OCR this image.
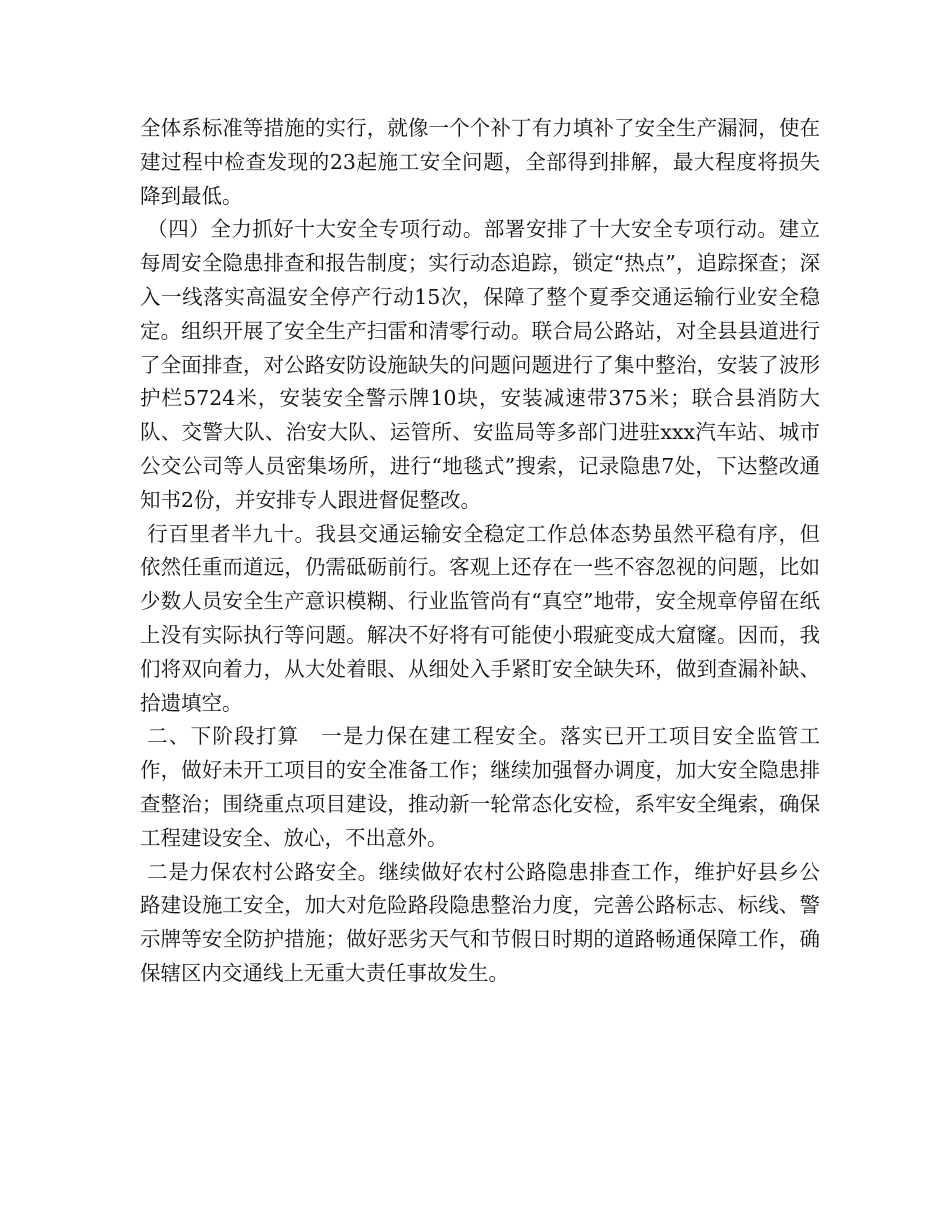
全体系标准等措施的实行，就像一个个补丁有力填补了安全生产漏洞，使在建过程中检查发现的23起施工安全问题，全部得到排解，最大程度将损失降到最低。

（四）全力抓好十大安全专项行动。部署安排了十大安全专项行动。建立每周安全隐患排查和报告制度；实行动态追踪，锁定“热点”，追踪探查；深入一线落实高温安全停产行动15次，保障了整个夏季交通运输行业安全稳定。组织开展了安全生产扫雷和清零行动。联合局公路站，对全县县道进行了全面排查，对公路安防设施缺失的问题问题进行了集中整治，安装了波形护栏5724米，安装安全警示牌10块，安装减速带375米；联合县消防大队、交警大队、治安大队、运管所、安监局等多部门进驻xxx汽车站、城市公交公司等人员密集场所，进行“地毯式”搜索，记录隐患7处，下达整改通知书2份，并安排专人跟进督促整改。

行百里者半九十。我县交通运输安全稳定工作总体态势虽然平稳有序，但依然任重而道远，仍需砥砺前行。客观上还存在一些不容忽视的问题，比如少数人员安全生产意识模糊、行业监管尚有“真空”地带，安全规章停留在纸上没有实际执行等问题。解决不好将有可能使小瑕疵变成大窟窿。因而，我们将双向着力，从大处着眼、从细处入手紧盯安全缺失环，做到查漏补缺、拾遗填空。

二、下阶段打算　一是力保在建工程安全。落实已开工项目安全监管工作，做好未开工项目的安全准备工作；继续加强督办调度，加大安全隐患排查整治；围绕重点项目建设，推动新一轮常态化安检，系牢安全绳索，确保工程建设安全、放心，不出意外。

二是力保农村公路安全。继续做好农村公路隐患排查工作，维护好县乡公路建设施工安全，加大对危险路段隐患整治力度，完善公路标志、标线、警示牌等安全防护措施；做好恶劣天气和节假日时期的道路畅通保障工作，确保辖区内交通线上无重大责任事故发生。
